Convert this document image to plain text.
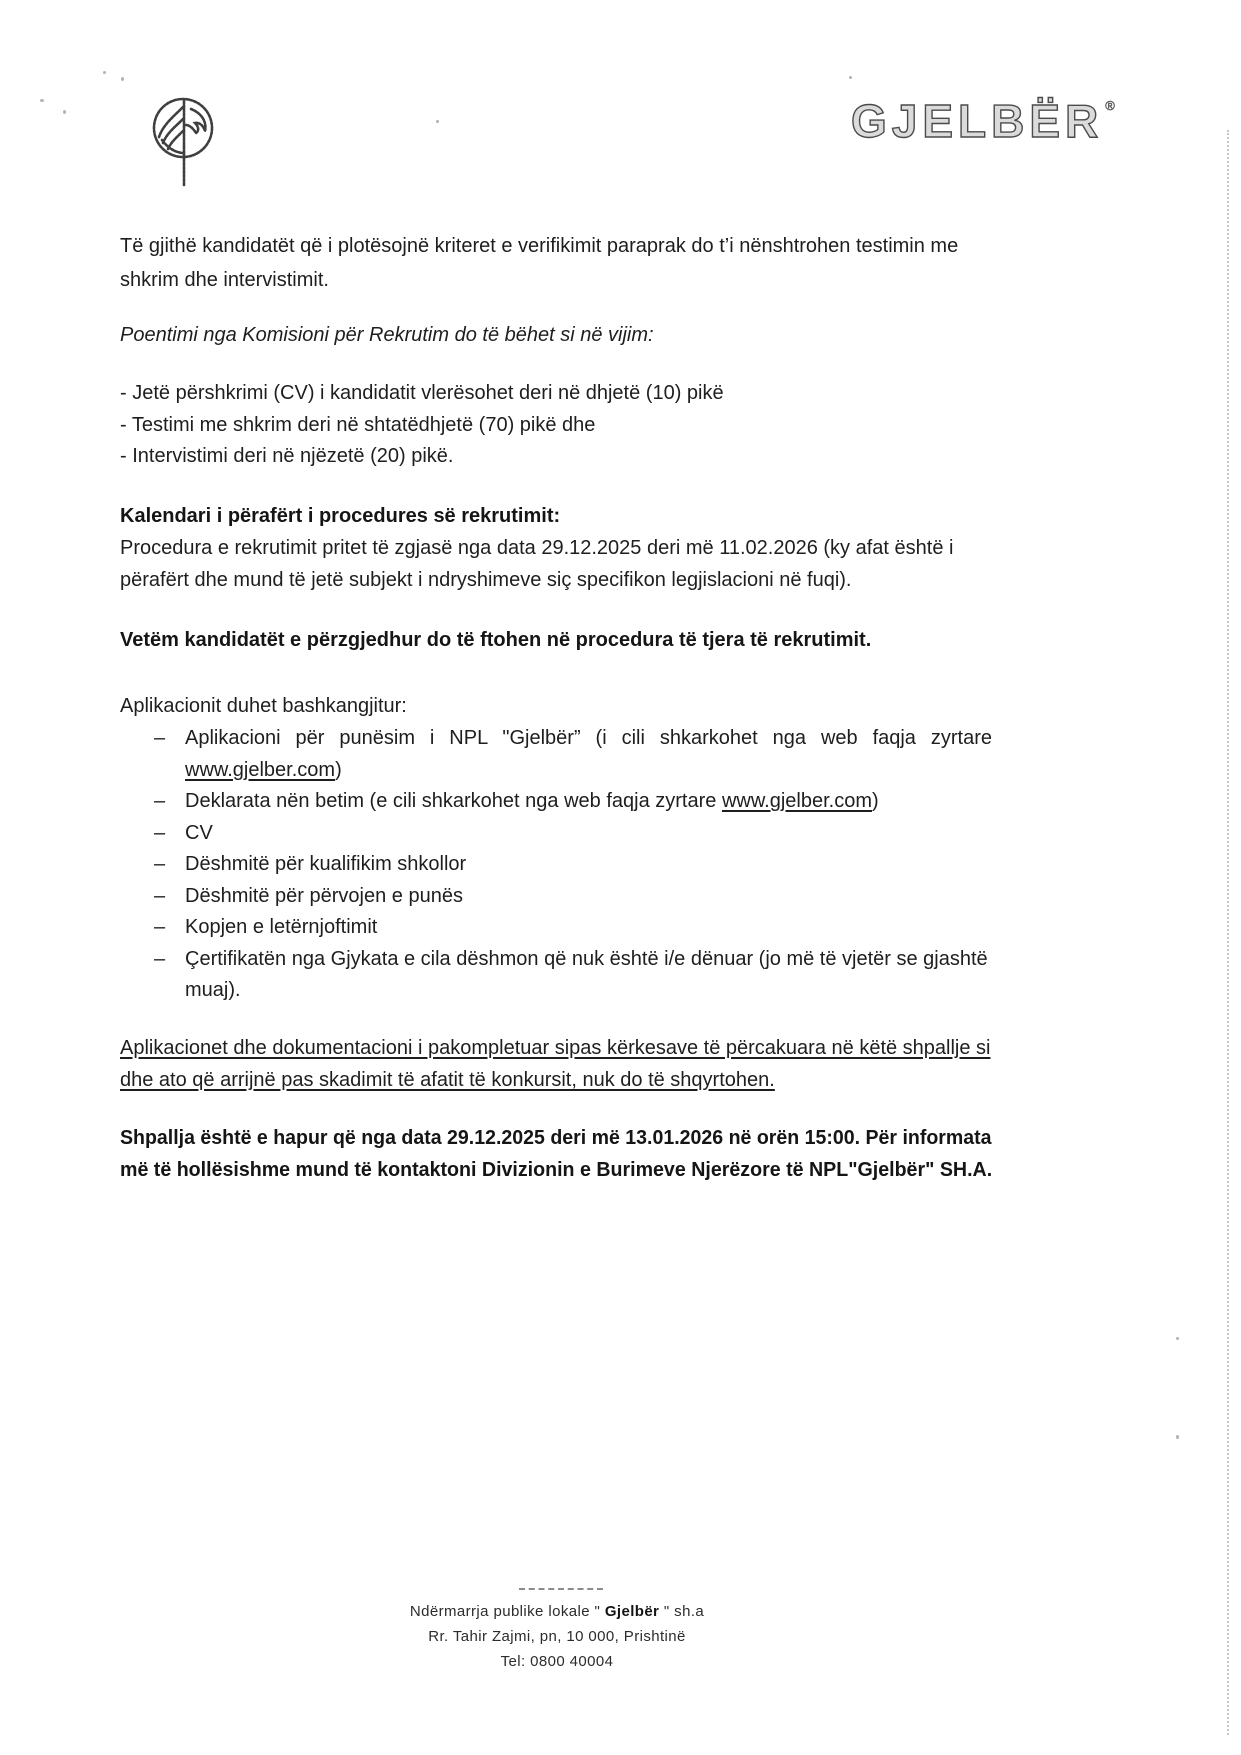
GJELBËR ®
Të gjithë kandidatët që i plotësojnë kriteret e verifikimit paraprak do t’i nënshtrohen testimin me
shkrim dhe intervistimit.
Poentimi nga Komisioni për Rekrutim do të bëhet si në vijim:
- Jetë përshkrimi (CV) i kandidatit vlerësohet deri në dhjetë (10) pikë
- Testimi me shkrim deri në shtatëdhjetë (70) pikë dhe
- Intervistimi deri në njëzetë (20) pikë.
Kalendari i përafërt i procedures së rekrutimit:
Procedura e rekrutimit pritet të zgjasë nga data 29.12.2025 deri më 11.02.2026 (ky afat është i
përafërt dhe mund të jetë subjekt i ndryshimeve siç specifikon legjislacioni në fuqi).
Vetëm kandidatët e përzgjedhur do të ftohen në procedura të tjera të rekrutimit.
Aplikacionit duhet bashkangjitur:
– Aplikacioni për punësim i NPL "Gjelbër” (i cili shkarkohet nga web faqja zyrtare
www.gjelber.com)
– Deklarata nën betim (e cili shkarkohet nga web faqja zyrtare www.gjelber.com)
– CV
– Dëshmitë për kualifikim shkollor
– Dëshmitë për përvojen e punës
– Kopjen e letërnjoftimit
– Çertifikatën nga Gjykata e cila dëshmon që nuk është i/e dënuar (jo më të vjetër se gjashtë
muaj).
Aplikacionet dhe dokumentacioni i pakompletuar sipas kërkesave të përcakuara në këtë shpallje si
dhe ato që arrijnë pas skadimit të afatit të konkursit, nuk do të shqyrtohen.
Shpallja është e hapur që nga data 29.12.2025 deri më 13.01.2026 në orën 15:00. Për informata
më të hollësishme mund të kontaktoni Divizionin e Burimeve Njerëzore të NPL"Gjelbër" SH.A.
Ndërmarrja publike lokale " Gjelbër " sh.a
Rr. Tahir Zajmi, pn, 10 000, Prishtinë
Tel: 0800 40004
